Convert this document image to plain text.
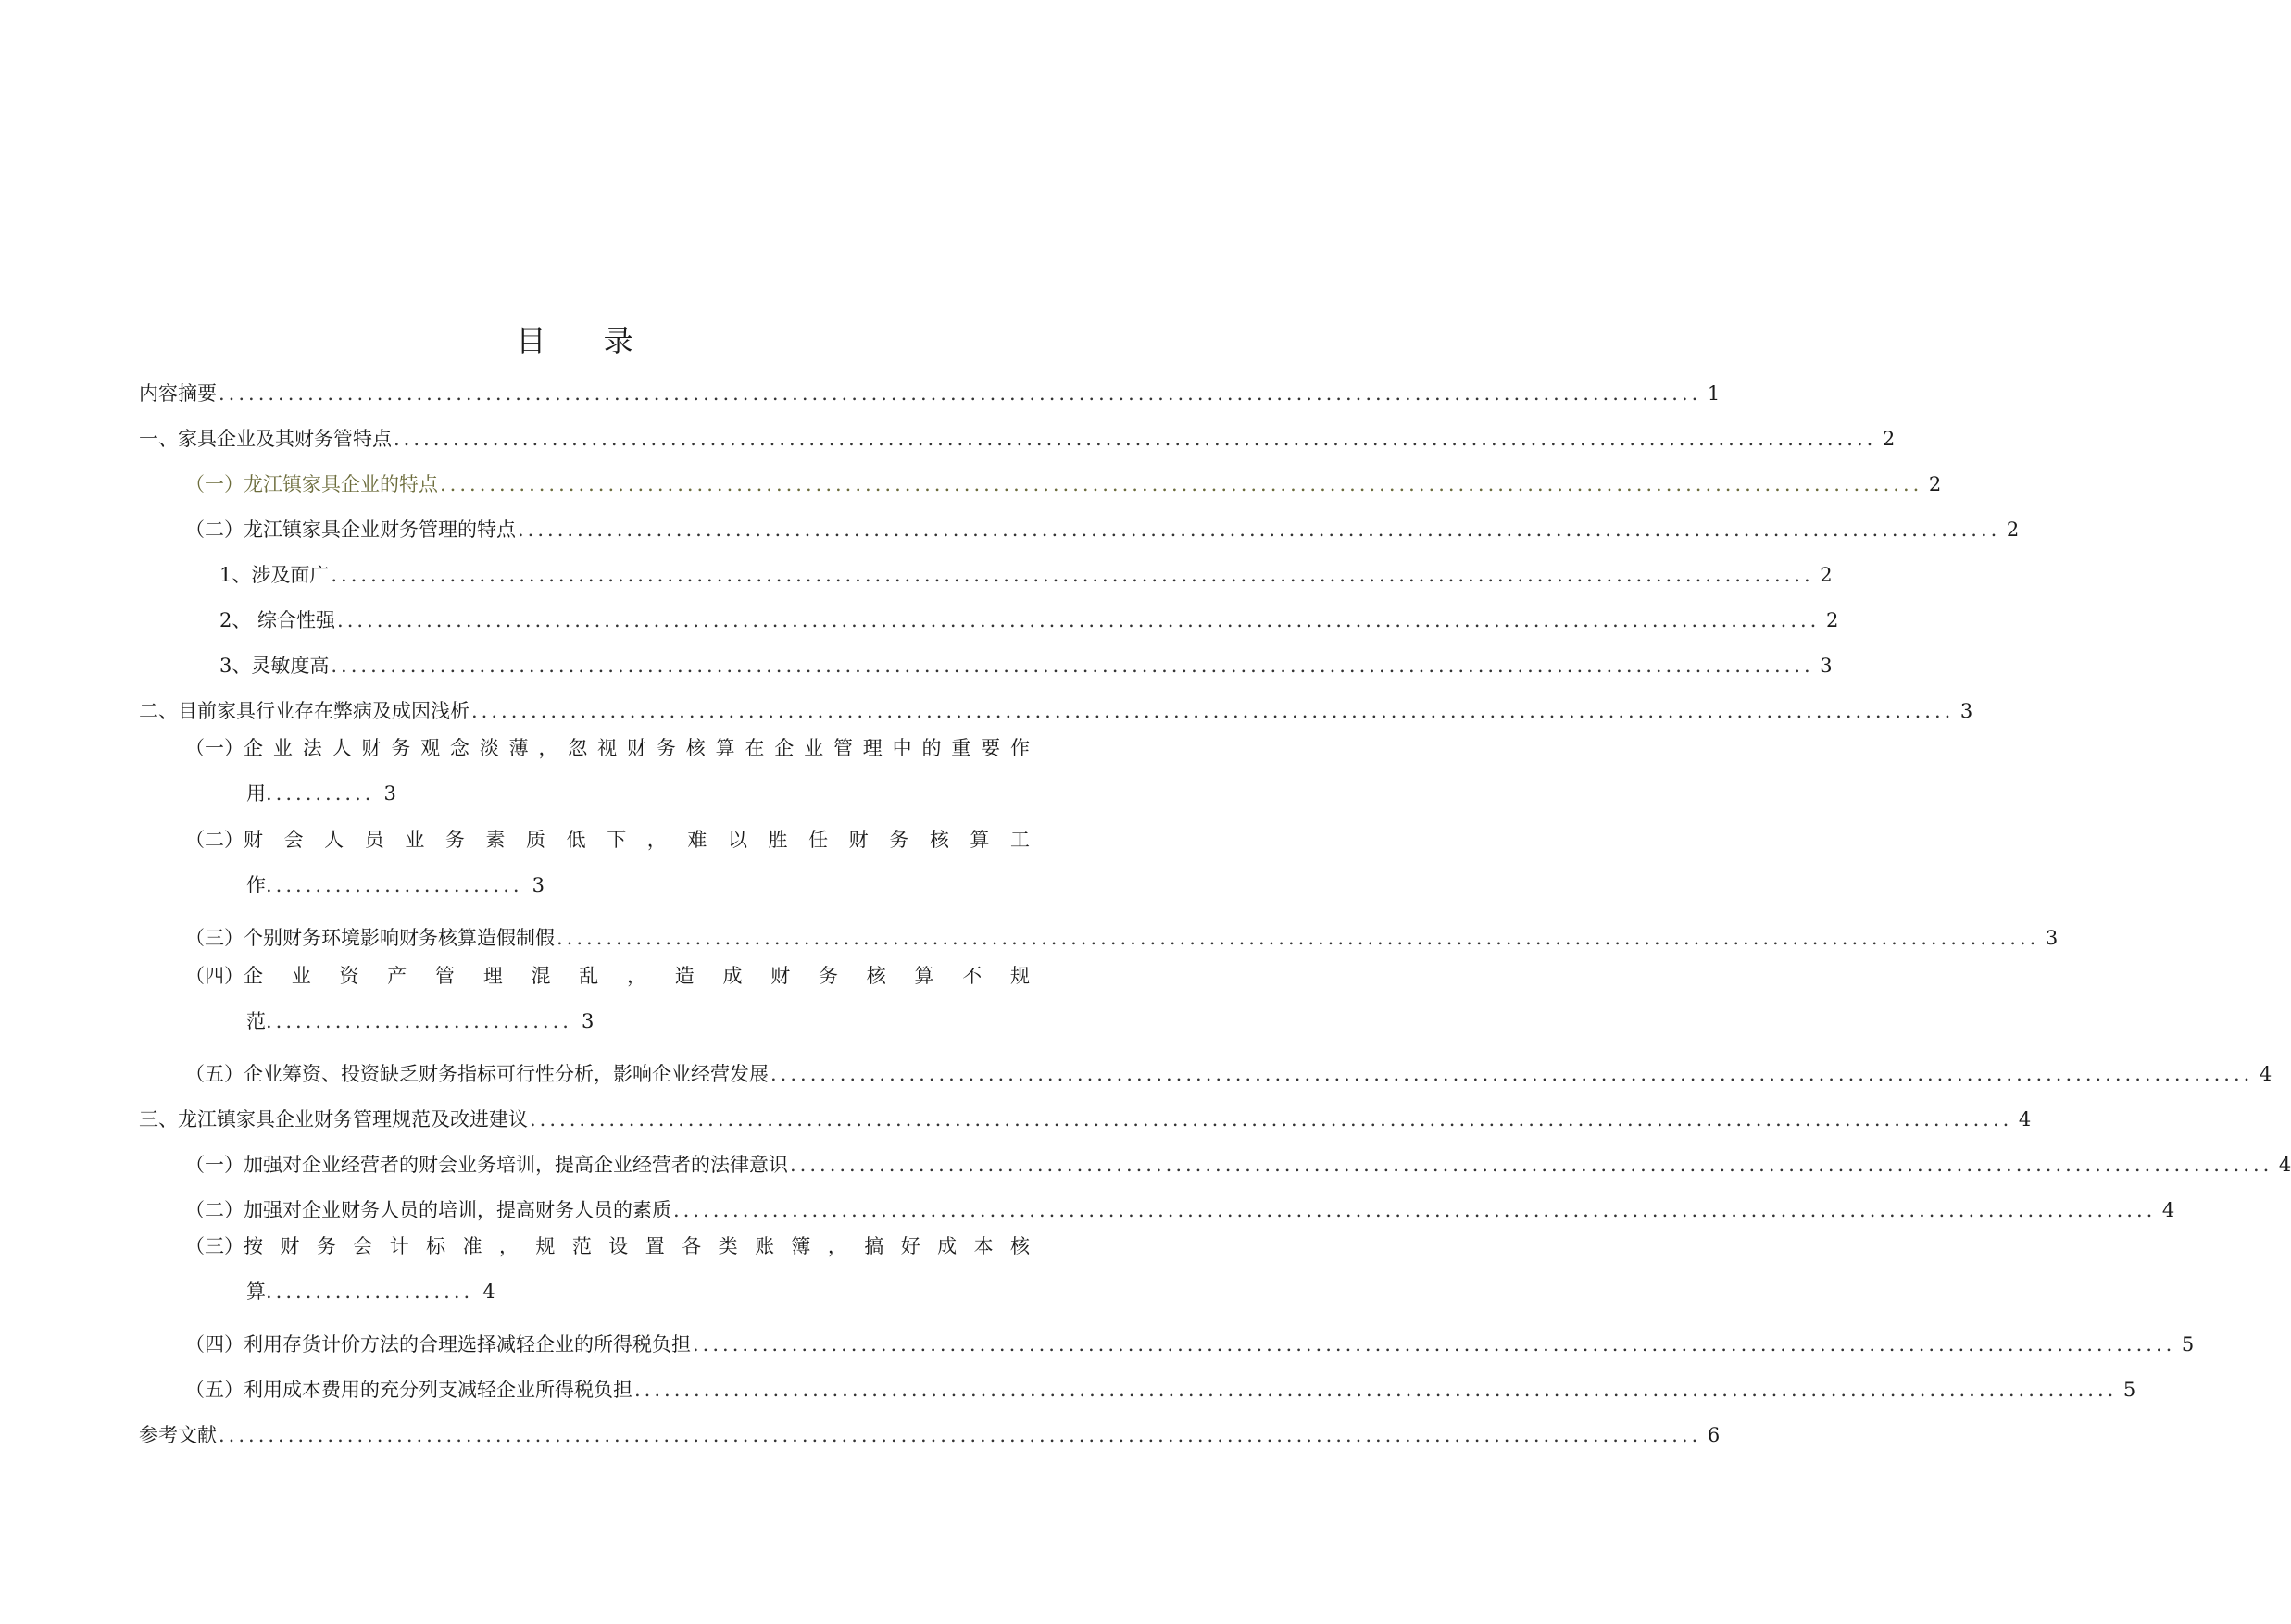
目 录
内容摘要 ...................................................................................................................................................... 1
一、家具企业及其财务管特点 ...................................................................................................................................................... 2
（一） 龙江镇家具企业的特点 ...................................................................................................................................................... 2
（二） 龙江镇家具企业财务管理的特点 ...................................................................................................................................................... 2
1、涉及面广 ...................................................................................................................................................... 2
2、 综合性强 ...................................................................................................................................................... 2
3、灵敏度高 ...................................................................................................................................................... 3
二、目前家具行业存在弊病及成因浅析 ...................................................................................................................................................... 3
（一） 企业法人财务观念淡薄，忽视财务核算在企业管理中的重要作
用........... 3
（二） 财会人员业务素质低下，难以胜任财务核算工
作.......................... 3
（三） 个别财务环境影响财务核算造假制假 ...................................................................................................................................................... 3
（四） 企业资产管理混乱，造成财务核算不规
范............................... 3
（五） 企业筹资、投资缺乏财务指标可行性分析，影响企业经营发展 ...................................................................................................................................................... 4
三、龙江镇家具企业财务管理规范及改进建议 ...................................................................................................................................................... 4
（一） 加强对企业经营者的财会业务培训，提高企业经营者的法律意识 ...................................................................................................................................................... 4
（二） 加强对企业财务人员的培训，提高财务人员的素质 ...................................................................................................................................................... 4
（三） 按财务会计标准，规范设置各类账簿，搞好成本核
算..................... 4
（四） 利用存货计价方法的合理选择减轻企业的所得税负担 ...................................................................................................................................................... 5
（五） 利用成本费用的充分列支减轻企业所得税负担 ...................................................................................................................................................... 5
参考文献 ...................................................................................................................................................... 6
